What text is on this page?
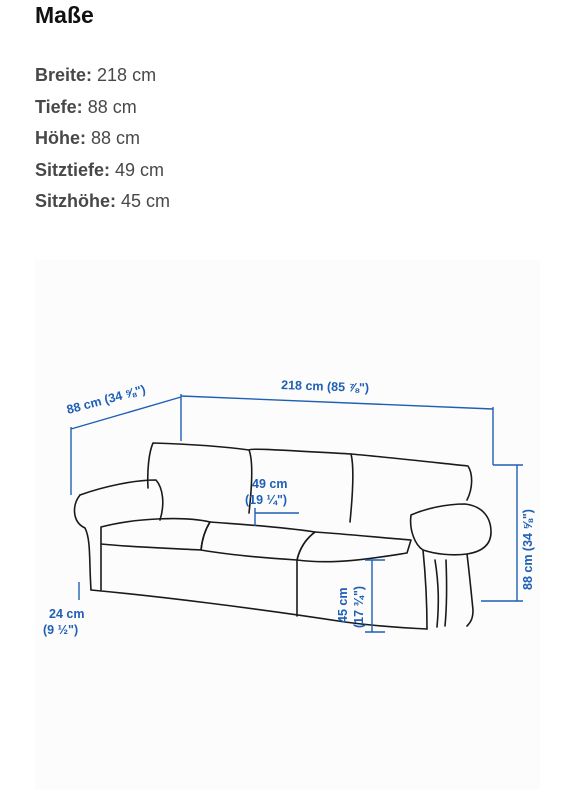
Maße
Breite: 218 cm
Tiefe: 88 cm
Höhe: 88 cm
Sitztiefe: 49 cm
Sitzhöhe: 45 cm
218 cm (85 ⅞")
88 cm (34 ⅝")
49 cm
(19 ¼")
88 cm (34 ⅝")
45 cm (17 ¾")
24 cm
(9 ½")
